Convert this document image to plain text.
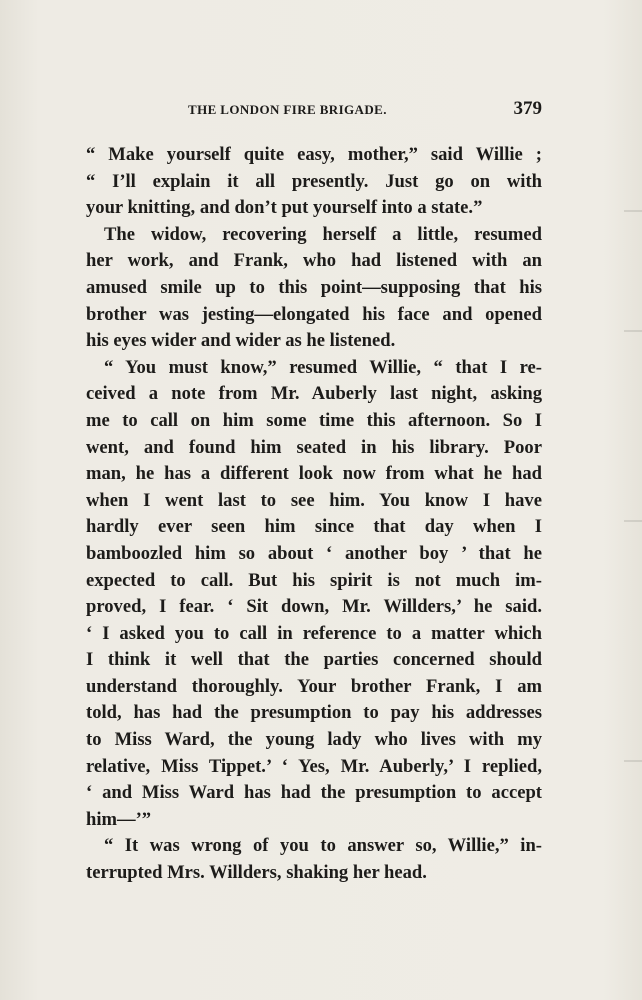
THE LONDON FIRE BRIGADE.	379
“ Make yourself quite easy, mother,” said Willie ;
“ I’ll explain it all presently. Just go on with
your knitting, and don’t put yourself into a state.”
The widow, recovering herself a little, resumed
her work, and Frank, who had listened with an
amused smile up to this point—supposing that his
brother was jesting—elongated his face and opened
his eyes wider and wider as he listened.
“ You must know,” resumed Willie, “ that I re-
ceived a note from Mr. Auberly last night, asking
me to call on him some time this afternoon. So I
went, and found him seated in his library. Poor
man, he has a different look now from what he had
when I went last to see him. You know I have
hardly ever seen him since that day when I
bamboozled him so about ‘ another boy ’ that he
expected to call. But his spirit is not much im-
proved, I fear. ‘ Sit down, Mr. Willders,’ he said.
‘ I asked you to call in reference to a matter which
I think it well that the parties concerned should
understand thoroughly. Your brother Frank, I am
told, has had the presumption to pay his addresses
to Miss Ward, the young lady who lives with my
relative, Miss Tippet.’ ‘ Yes, Mr. Auberly,’ I replied,
‘ and Miss Ward has had the presumption to accept
him—’”
“ It was wrong of you to answer so, Willie,” in-
terrupted Mrs. Willders, shaking her head.
